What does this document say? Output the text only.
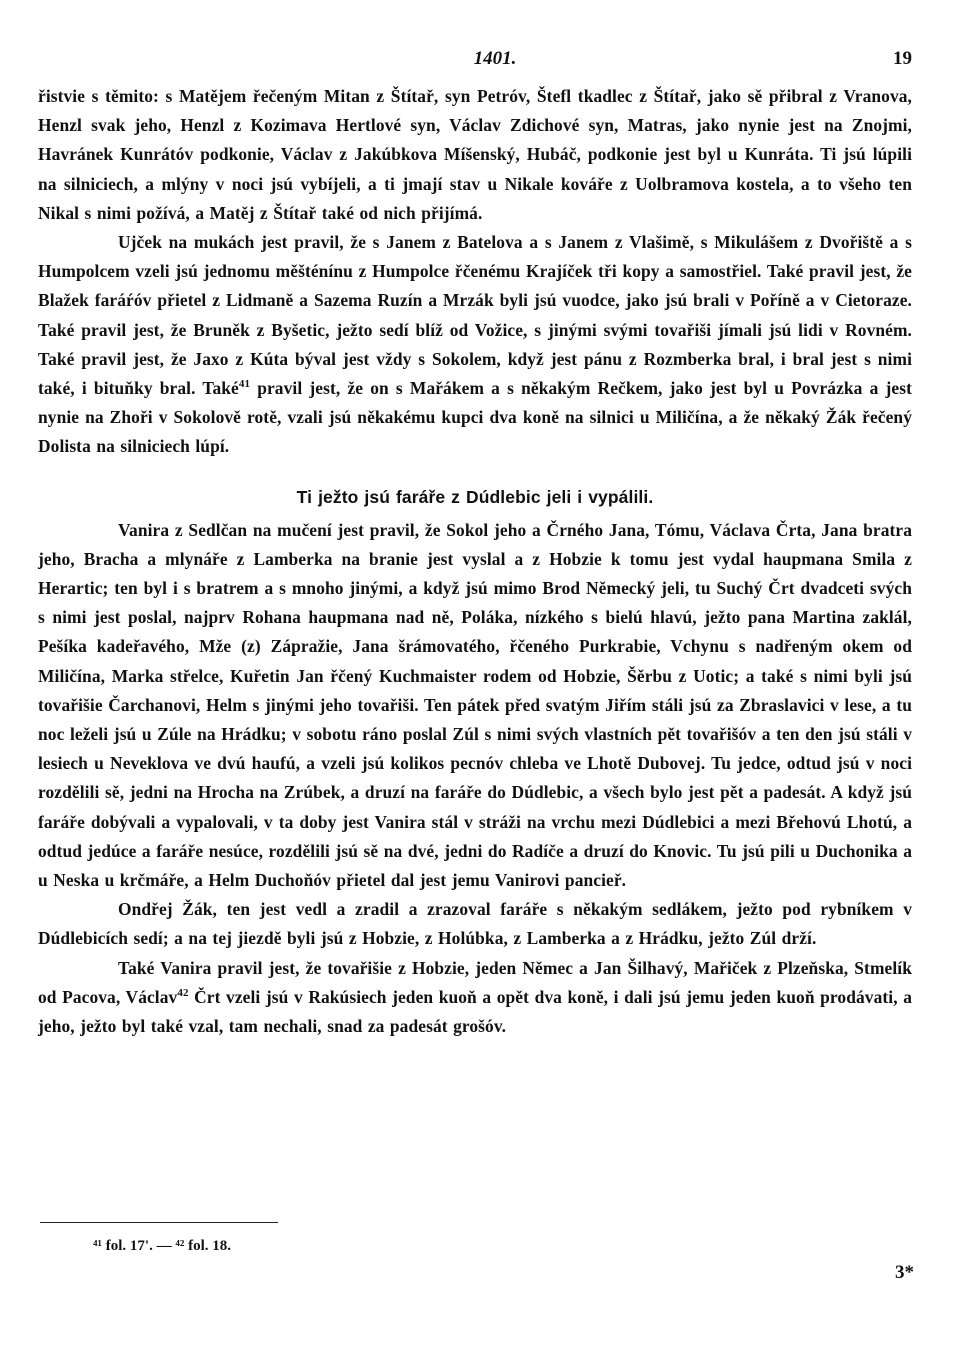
1401.	19

řistvie s těmito: s Matějem řečeným Mitan z Štítař, syn Petróv, Štefl tkadlec z Štítař, jako sě přibral z Vranova, Henzl svak jeho, Henzl z Kozimava Hertlové syn, Václav Zdichové syn, Matras, jako nynie jest na Znojmi, Havránek Kunrátóv podkonie, Václav z Jakúbkova Míšenský, Hubáč, podkonie jest byl u Kunráta. Ti jsú lúpili na silniciech, a mlýny v noci jsú vybíjeli, a ti jmají stav u Nikale kováře z Uolbramova kostela, a to všeho ten Nikal s nimi požívá, a Matěj z Štítař také od nich přijímá.

Ujček na mukách jest pravil, že s Janem z Batelova a s Janem z Vlašimě, s Mikulášem z Dvořiště a s Humpolcem vzeli jsú jednomu měšténínu z Humpolce řčenému Krajíček tři kopy a samostřiel. Také pravil jest, že Blažek faráŕóv přietel z Lidmaně a Sazema Ruzín a Mrzák byli jsú vuodce, jako jsú brali v Poříně a v Cietoraze. Také pravil jest, že Bruněk z Byšetic, ježto sedí blíž od Vožice, s jinými svými tovařiši jímali jsú lidi v Rovném. Také pravil jest, že Jaxo z Kúta býval jest vždy s Sokolem, když jest pánu z Rozmberka bral, i bral jest s nimi také, i bituňky bral. Také$^{41}$ pravil jest, že on s Mařákem a s někakým Rečkem, jako jest byl u Povrázka a jest nynie na Zhoři v Sokolově rotě, vzali jsú někakému kupci dva koně na silnici u Miličína, a že někaký Žák řečený Dolista na silniciech lúpí.

Ti ježto jsú faráře z Dúdlebic jeli i vypálili.

Vanira z Sedlčan na mučení jest pravil, že Sokol jeho a Črného Jana, Tómu, Václava Črta, Jana bratra jeho, Bracha a mlynáře z Lamberka na branie jest vyslal a z Hobzie k tomu jest vydal haupmana Smila z Herartic; ten byl i s bratrem a s mnoho jinými, a když jsú mimo Brod Německý jeli, tu Suchý Črt dvadceti svých s nimi jest poslal, najprv Rohana haupmana nad ně, Poláka, nízkého s bielú hlavú, ježto pana Martina zaklál, Pešíka kadeřavého, Mže (z) Zápražie, Jana šrámovatého, řčeného Purkrabie, Vchynu s nadřeným okem od Miličína, Marka střelce, Kuřetin Jan řčený Kuchmaister rodem od Hobzie, Šěrbu z Uotic; a také s nimi byli jsú tovařišie Čarchanovi, Helm s jinými jeho tovařiši. Ten pátek před svatým Jiřím stáli jsú za Zbraslavici v lese, a tu noc leželi jsú u Zúle na Hrádku; v sobotu ráno poslal Zúl s nimi svých vlastních pět tovařišóv a ten den jsú stáli v lesiech u Neveklova ve dvú haufú, a vzeli jsú kolikos pecnóv chleba ve Lhotě Dubovej. Tu jedce, odtud jsú v noci rozdělili sě, jedni na Hrocha na Zrúbek, a druzí na faráře do Dúdlebic, a všech bylo jest pět a padesát. A když jsú faráře dobývali a vypalovali, v ta doby jest Vanira stál v stráži na vrchu mezi Dúdlebici a mezi Břehovú Lhotú, a odtud jedúce a faráře nesúce, rozdělili jsú sě na dvé, jedni do Radíče a druzí do Knovic. Tu jsú pili u Duchonika a u Neska u krčmáře, a Helm Duchoňóv přietel dal jest jemu Vanirovi pancieř.

Ondřej Žák, ten jest vedl a zradil a zrazoval faráře s někakým sedlákem, ježto pod rybníkem v Dúdlebicích sedí; a na tej jiezdě byli jsú z Hobzie, z Holúbka, z Lamberka a z Hrádku, ježto Zúl drží.

Také Vanira pravil jest, že tovařišie z Hobzie, jeden Němec a Jan Šilhavý, Mařiček z Plzeňska, Stmelík od Pacova, Václav$^{42}$ Črt vzeli jsú v Rakúsiech jeden kuoň a opět dva koně, i dali jsú jemu jeden kuoň prodávati, a jeho, ježto byl také vzal, tam nechali, snad za padesát grošóv.

⁴¹ fol. 17'. — ⁴² fol. 18.
3*
